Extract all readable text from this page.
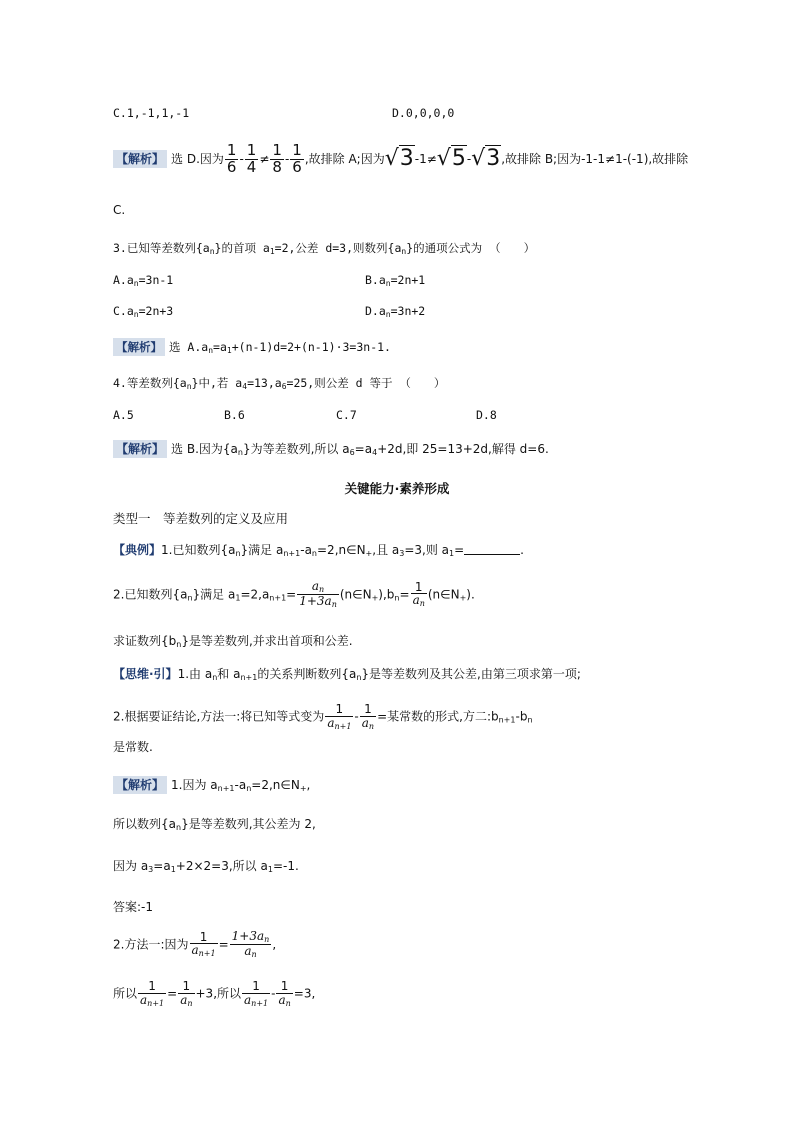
C.1,-1,1,-1	D.0,0,0,0
【解析】 选 D.因为 $\frac{1}{6} - \frac{1}{4} \ne \frac{1}{8} - \frac{1}{6}$ ,故排除 A;因为√3-1≠√5-√3,故排除 B;因为-1-1≠1-(-1),故排除
C.
3.已知等差数列$\{a_n\}$的首项 $a_1=2$,公差 d=3,则数列$\{a_n\}$的通项公式为 （　　）
$A.a_n=3n-1$	$B.a_n=2n+1$
$C.a_n=2n+3$	$D.a_n=3n+2$
【解析】 选 $A.a_n=a_1+(n-1)d=2+(n-1)\cdot 3=3n-1$.
4.等差数列$\{a_n\}$中,若 $a_4=13,a_6=25$,则公差 d 等于 （　　）
A.5	B.6	C.7	D.8
【解析】 选 B.因为$\{a_n\}$为等差数列,所以 $a_6=a_4+2d$,即 25=13+2d,解得 d=6.
关键能力·素养形成
类型一　等差数列的定义及应用
【典例】1.已知数列$\{a_n\}$满足 $a_{n+1}-a_n=2,n\in N_+$,且 $a_3=3$,则 $a_1=$	.
2.已知数列$\{a_n\}$满足 $a_1=2,a_{n+1}= \frac{a_n}{1+3a_n}$ $(n\in N_+),b_n= \frac{1}{a_n}$ $(n\in N_+)$.
求证数列$\{b_n\}$是等差数列,并求出首项和公差.
【思维·引】1.由 $a_n$和 $a_{n+1}$的关系判断数列$\{a_n\}$是等差数列及其公差,由第三项求第一项;
2.根据要证结论,方法一:将已知等式变为 $\frac{1}{a_{n+1}} - \frac{1}{a_n}$ =某常数的形式,方二$:b_{n+1}-b_n$
是常数.
【解析】 1.因为 $a_{n+1}-a_n=2,n\in N_+$,
所以数列$\{a_n\}$是等差数列,其公差为 2,
因为 $a_3=a_1+2\times 2=3$,所以 $a_1=-1$.
答案:-1
2.方法一:因为 $\frac{1}{a_{n+1}} = \frac{1+3a_n}{a_n}$ ,
所以 $\frac{1}{a_{n+1}} = \frac{1}{a_n} +3$,所以 $\frac{1}{a_{n+1}} - \frac{1}{a_n} =3$,
